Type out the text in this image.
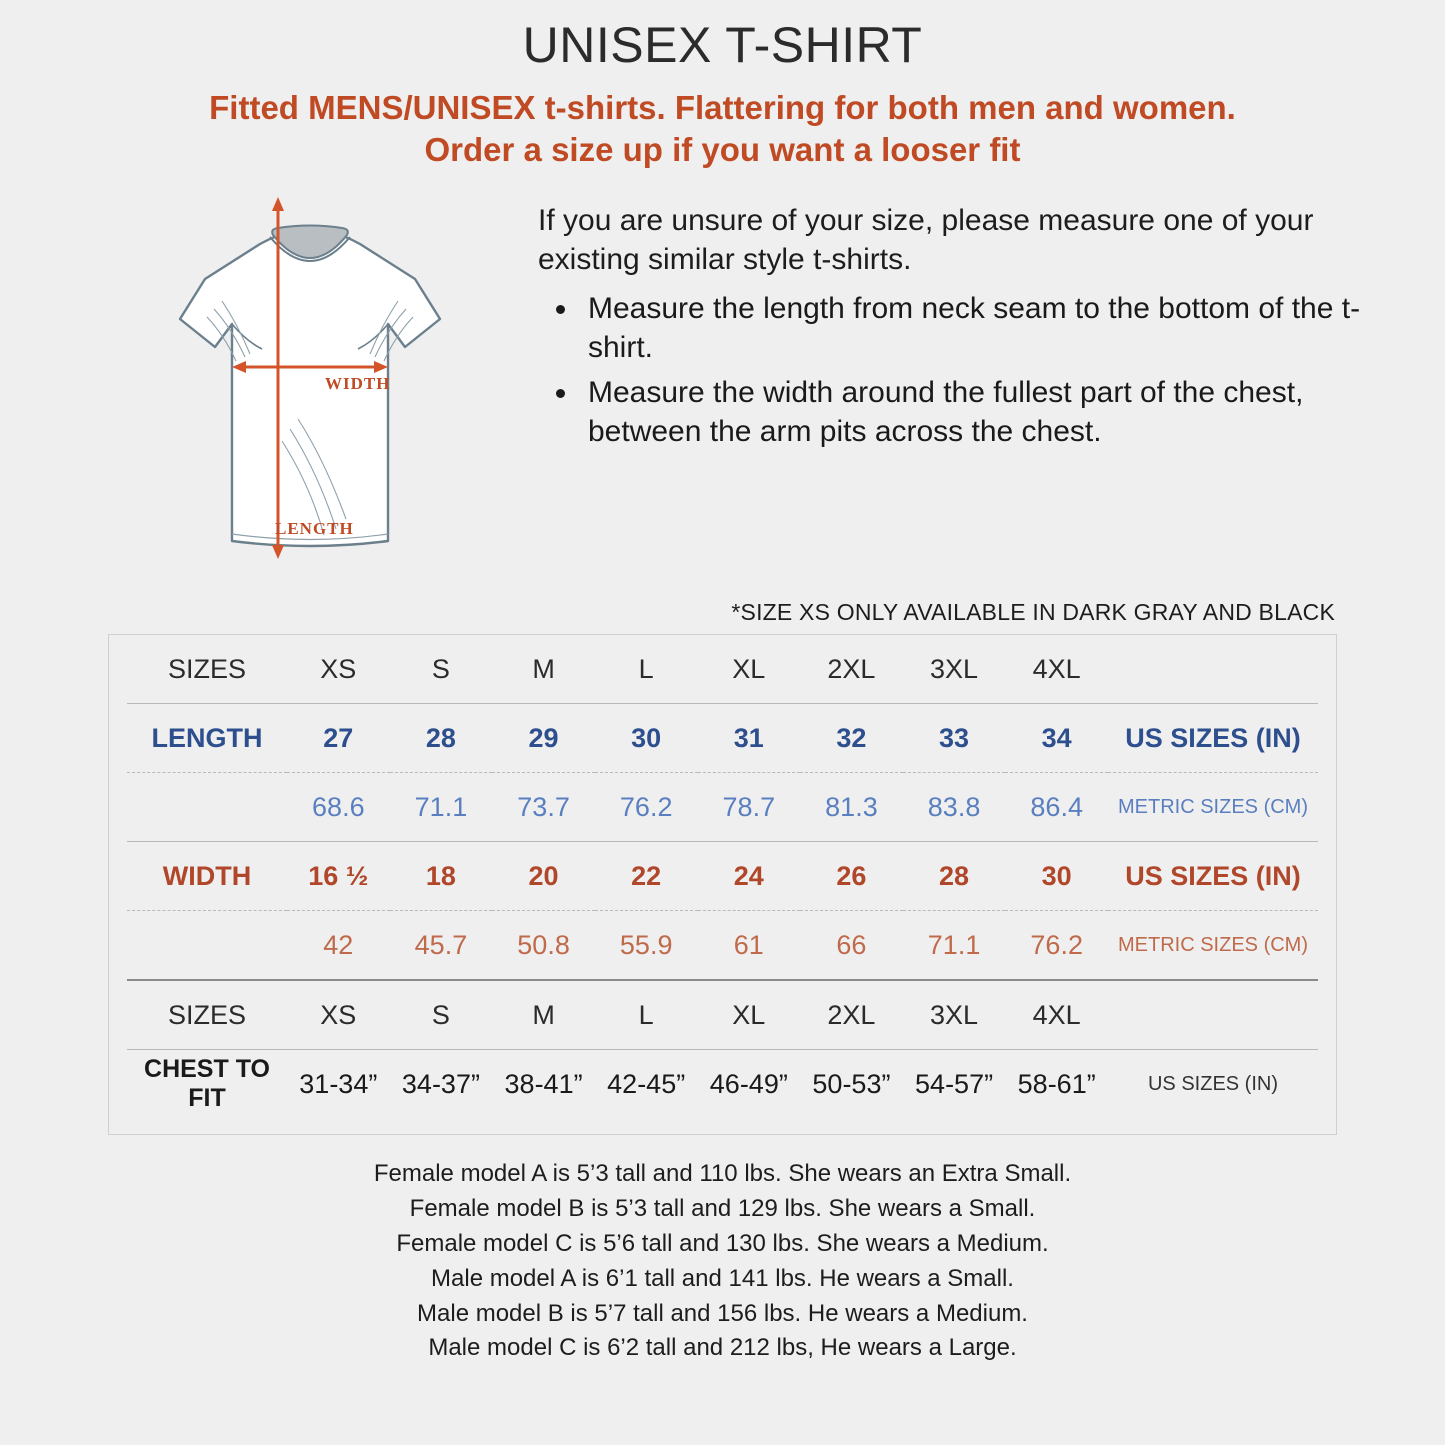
UNISEX T-SHIRT
Fitted MENS/UNISEX t-shirts. Flattering for both men and women.
Order a size up if you want a looser fit
WIDTH
LENGTH
If you are unsure of your size, please measure one of your existing similar style t-shirts.
• Measure the length from neck seam to the bottom of the t-shirt.
• Measure the width around the fullest part of the chest, between the arm pits across the chest.
*SIZE XS ONLY AVAILABLE IN DARK GRAY AND BLACK
SIZES	XS	S	M	L	XL	2XL	3XL	4XL	
LENGTH	27	28	29	30	31	32	33	34	US SIZES (IN)
	68.6	71.1	73.7	76.2	78.7	81.3	83.8	86.4	METRIC SIZES (CM)
WIDTH	16 ½	18	20	22	24	26	28	30	US SIZES (IN)
	42	45.7	50.8	55.9	61	66	71.1	76.2	METRIC SIZES (CM)
SIZES	XS	S	M	L	XL	2XL	3XL	4XL	
CHEST TO FIT	31-34”	34-37”	38-41”	42-45”	46-49”	50-53”	54-57”	58-61”	US SIZES (IN)
Female model A is 5’3 tall and 110 lbs. She wears an Extra Small.
Female model B is 5’3 tall and 129 lbs. She wears a Small.
Female model C is 5’6 tall and 130 lbs. She wears a Medium.
Male model A is 6’1 tall and 141 lbs. He wears a Small.
Male model B is 5’7 tall and 156 lbs. He wears a Medium.
Male model C is 6’2 tall and 212 lbs, He wears a Large.
